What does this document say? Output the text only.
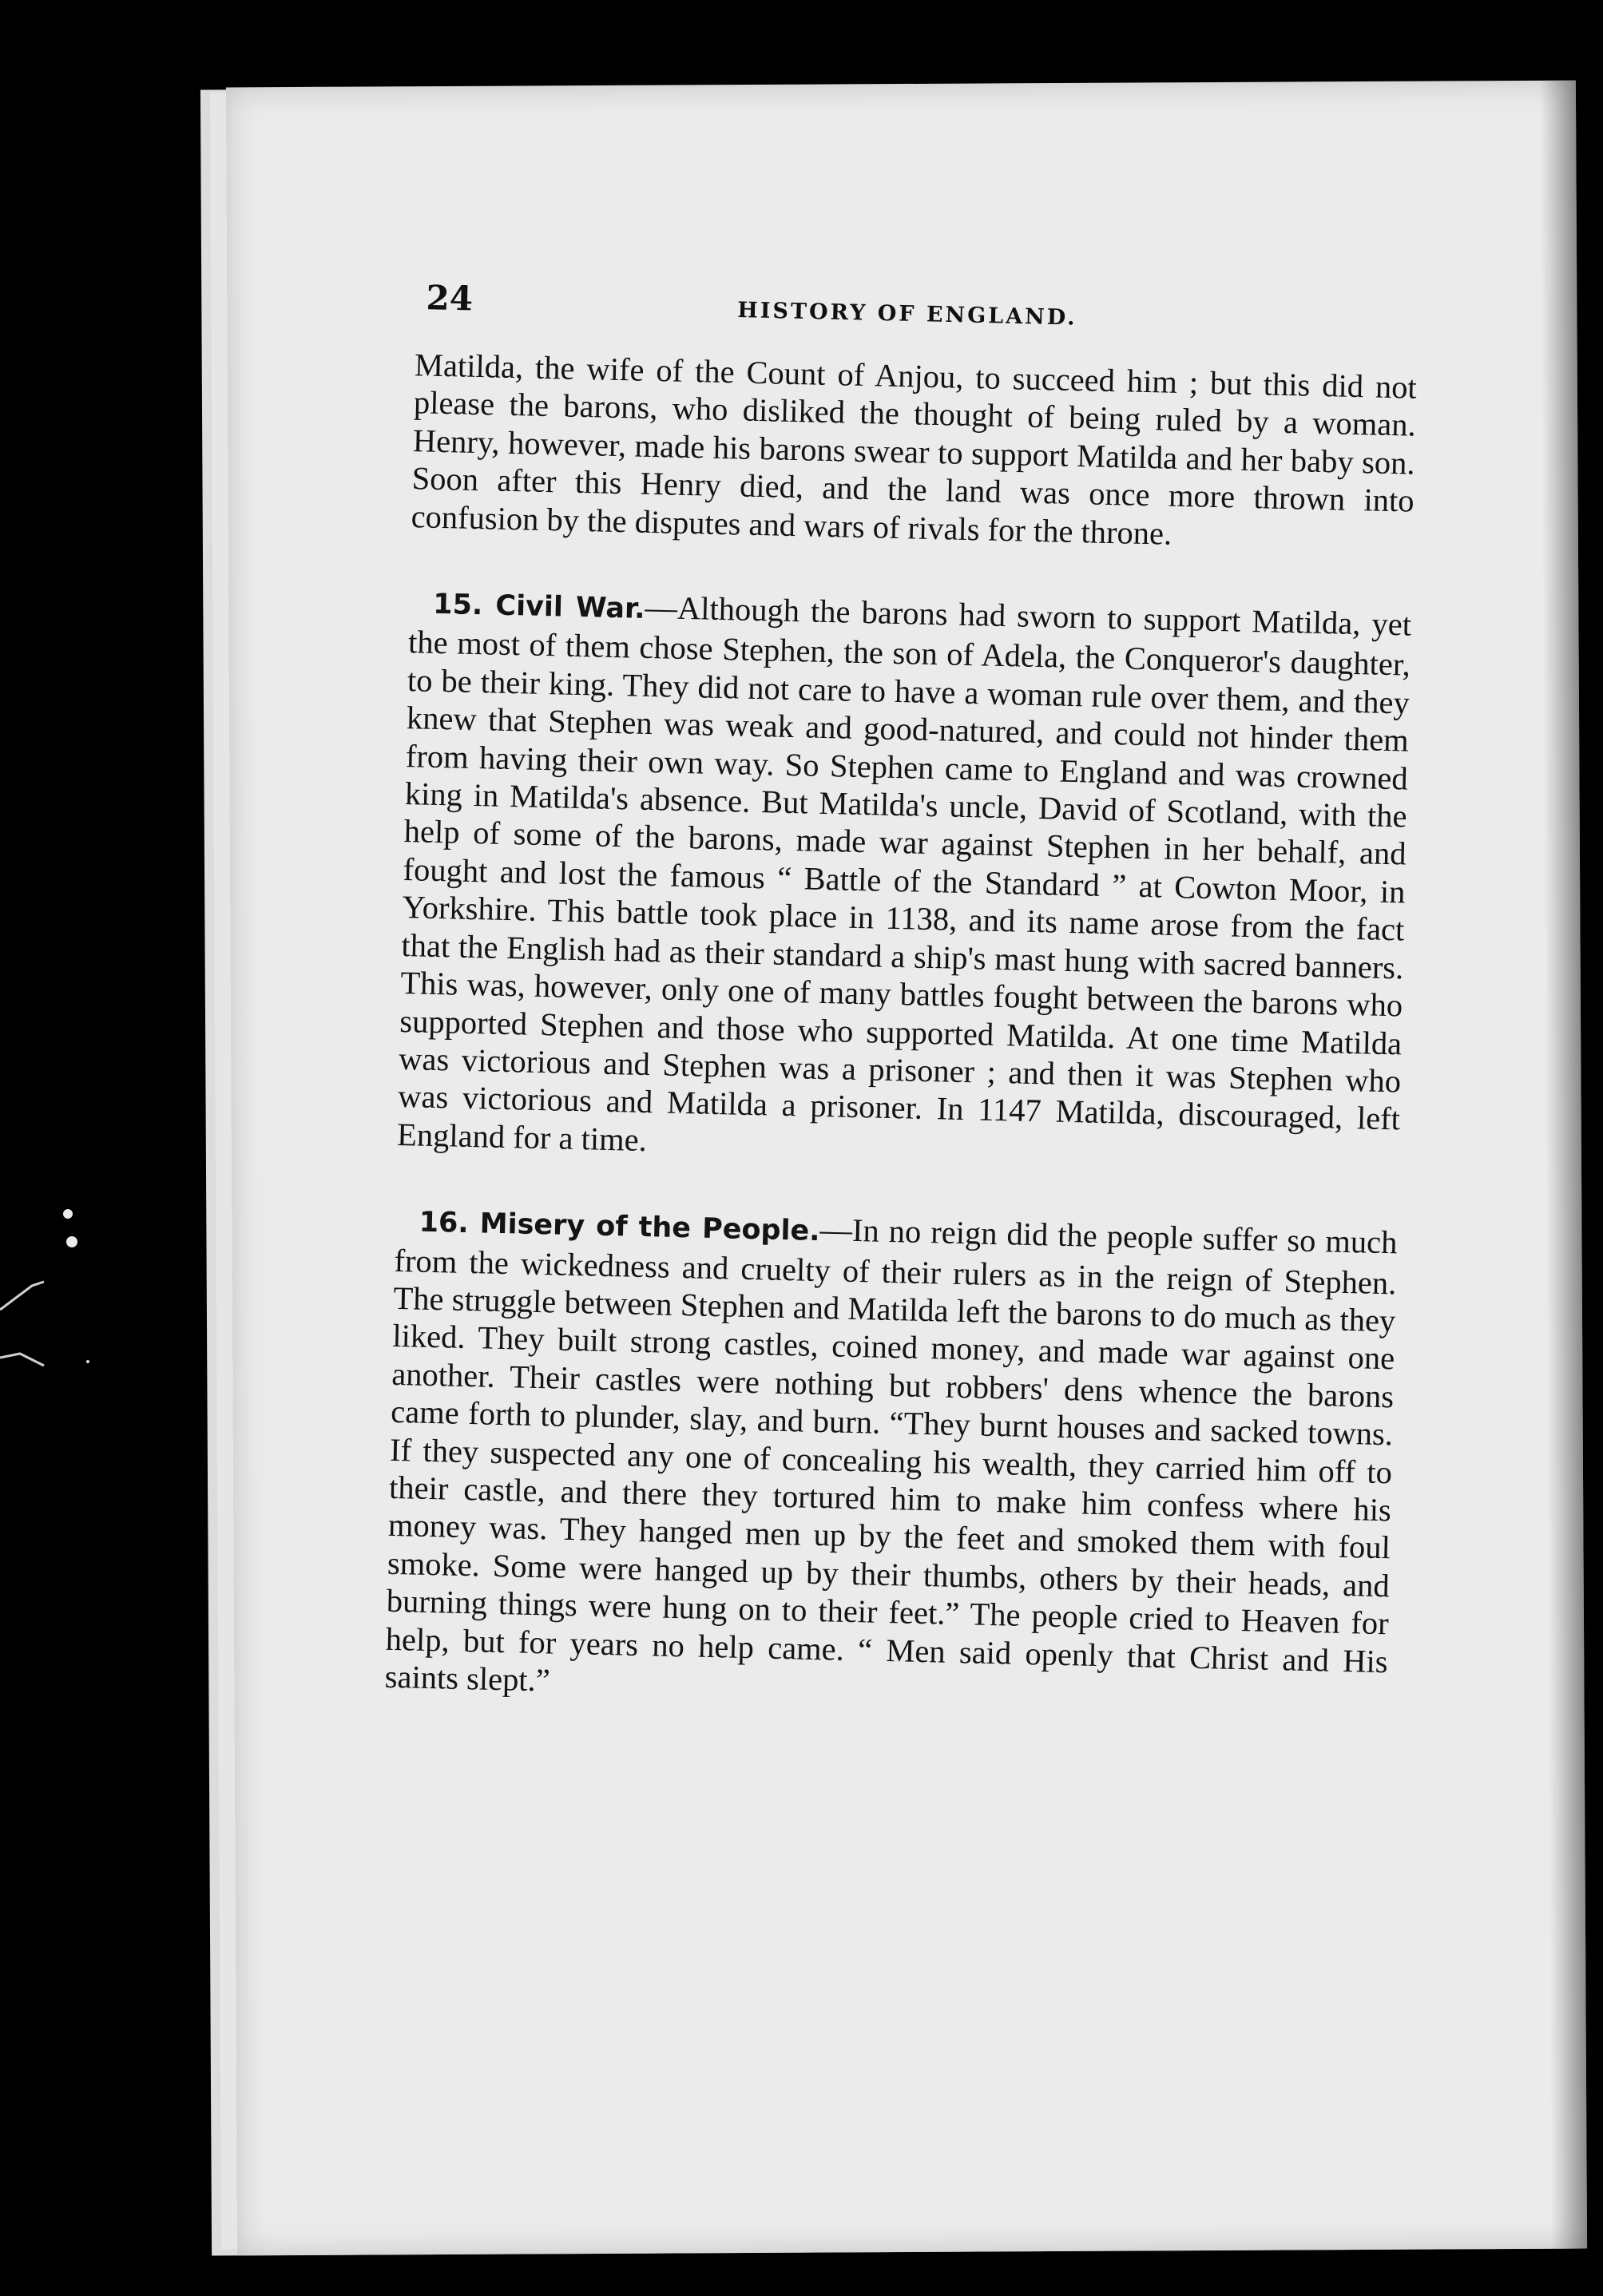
24	HISTORY OF ENGLAND.

Matilda, the wife of the Count of Anjou, to succeed him ; but this did not please the barons, who disliked the thought of being ruled by a woman. Henry, however, made his barons swear to support Matilda and her baby son. Soon after this Henry died, and the land was once more thrown into confusion by the disputes and wars of rivals for the throne.

15. Civil War.—Although the barons had sworn to support Matilda, yet the most of them chose Stephen, the son of Adela, the Conqueror's daughter, to be their king. They did not care to have a woman rule over them, and they knew that Stephen was weak and good-natured, and could not hinder them from having their own way. So Stephen came to England and was crowned king in Matilda's absence. But Matilda's uncle, David of Scotland, with the help of some of the barons, made war against Stephen in her behalf, and fought and lost the famous “ Battle of the Standard ” at Cowton Moor, in Yorkshire. This battle took place in 1138, and its name arose from the fact that the English had as their standard a ship's mast hung with sacred banners. This was, however, only one of many battles fought between the barons who supported Stephen and those who supported Matilda. At one time Matilda was victorious and Stephen was a prisoner ; and then it was Stephen who was victorious and Matilda a prisoner. In 1147 Matilda, discouraged, left England for a time.

16. Misery of the People.—In no reign did the people suffer so much from the wickedness and cruelty of their rulers as in the reign of Stephen. The struggle between Stephen and Matilda left the barons to do much as they liked. They built strong castles, coined money, and made war against one another. Their castles were nothing but robbers' dens whence the barons came forth to plunder, slay, and burn. “They burnt houses and sacked towns. If they suspected any one of concealing his wealth, they carried him off to their castle, and there they tortured him to make him confess where his money was. They hanged men up by the feet and smoked them with foul smoke. Some were hanged up by their thumbs, others by their heads, and burning things were hung on to their feet.” The people cried to Heaven for help, but for years no help came. “ Men said openly that Christ and His saints slept.”
